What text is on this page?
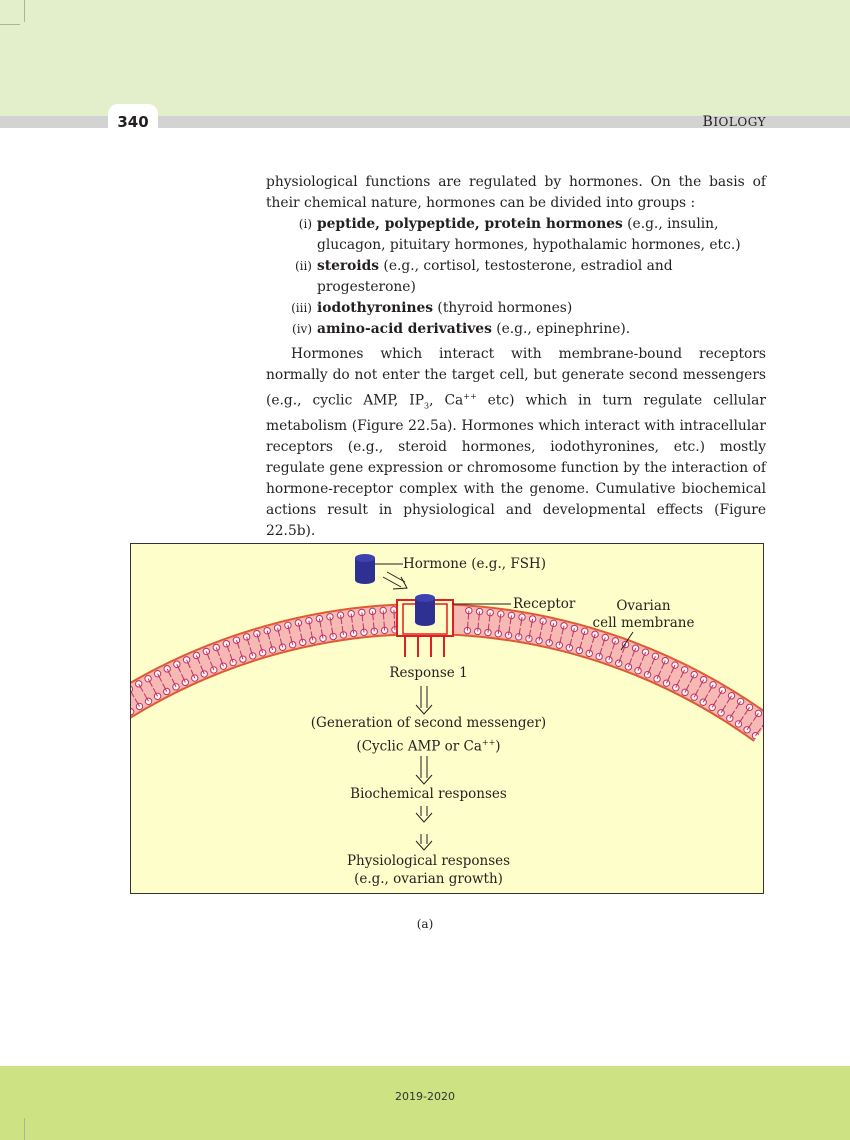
340	BIOLOGY

physiological functions are regulated by hormones. On the basis of their chemical nature, hormones can be divided into groups :

(i) peptide, polypeptide, protein hormones (e.g., insulin, glucagon, pituitary hormones, hypothalamic hormones, etc.)
(ii) steroids (e.g., cortisol, testosterone, estradiol and progesterone)
(iii) iodothyronines (thyroid hormones)
(iv) amino-acid derivatives (e.g., epinephrine).

Hormones which interact with membrane-bound receptors normally do not enter the target cell, but generate second messengers (e.g., cyclic AMP, $IP_3$, Ca++ etc) which in turn regulate cellular metabolism (Figure 22.5a). Hormones which interact with intracellular receptors (e.g., steroid hormones, iodothyronines, etc.) mostly regulate gene expression or chromosome function by the interaction of hormone-receptor complex with the genome. Cumulative biochemical actions result in physiological and developmental effects (Figure 22.5b).

Hormone (e.g., FSH)
Receptor	Ovarian
cell membrane
Response 1
(Generation of second messenger)
(Cyclic AMP or Ca++)
Biochemical responses
Physiological responses
(e.g., ovarian growth)
(a)
2019-2020
